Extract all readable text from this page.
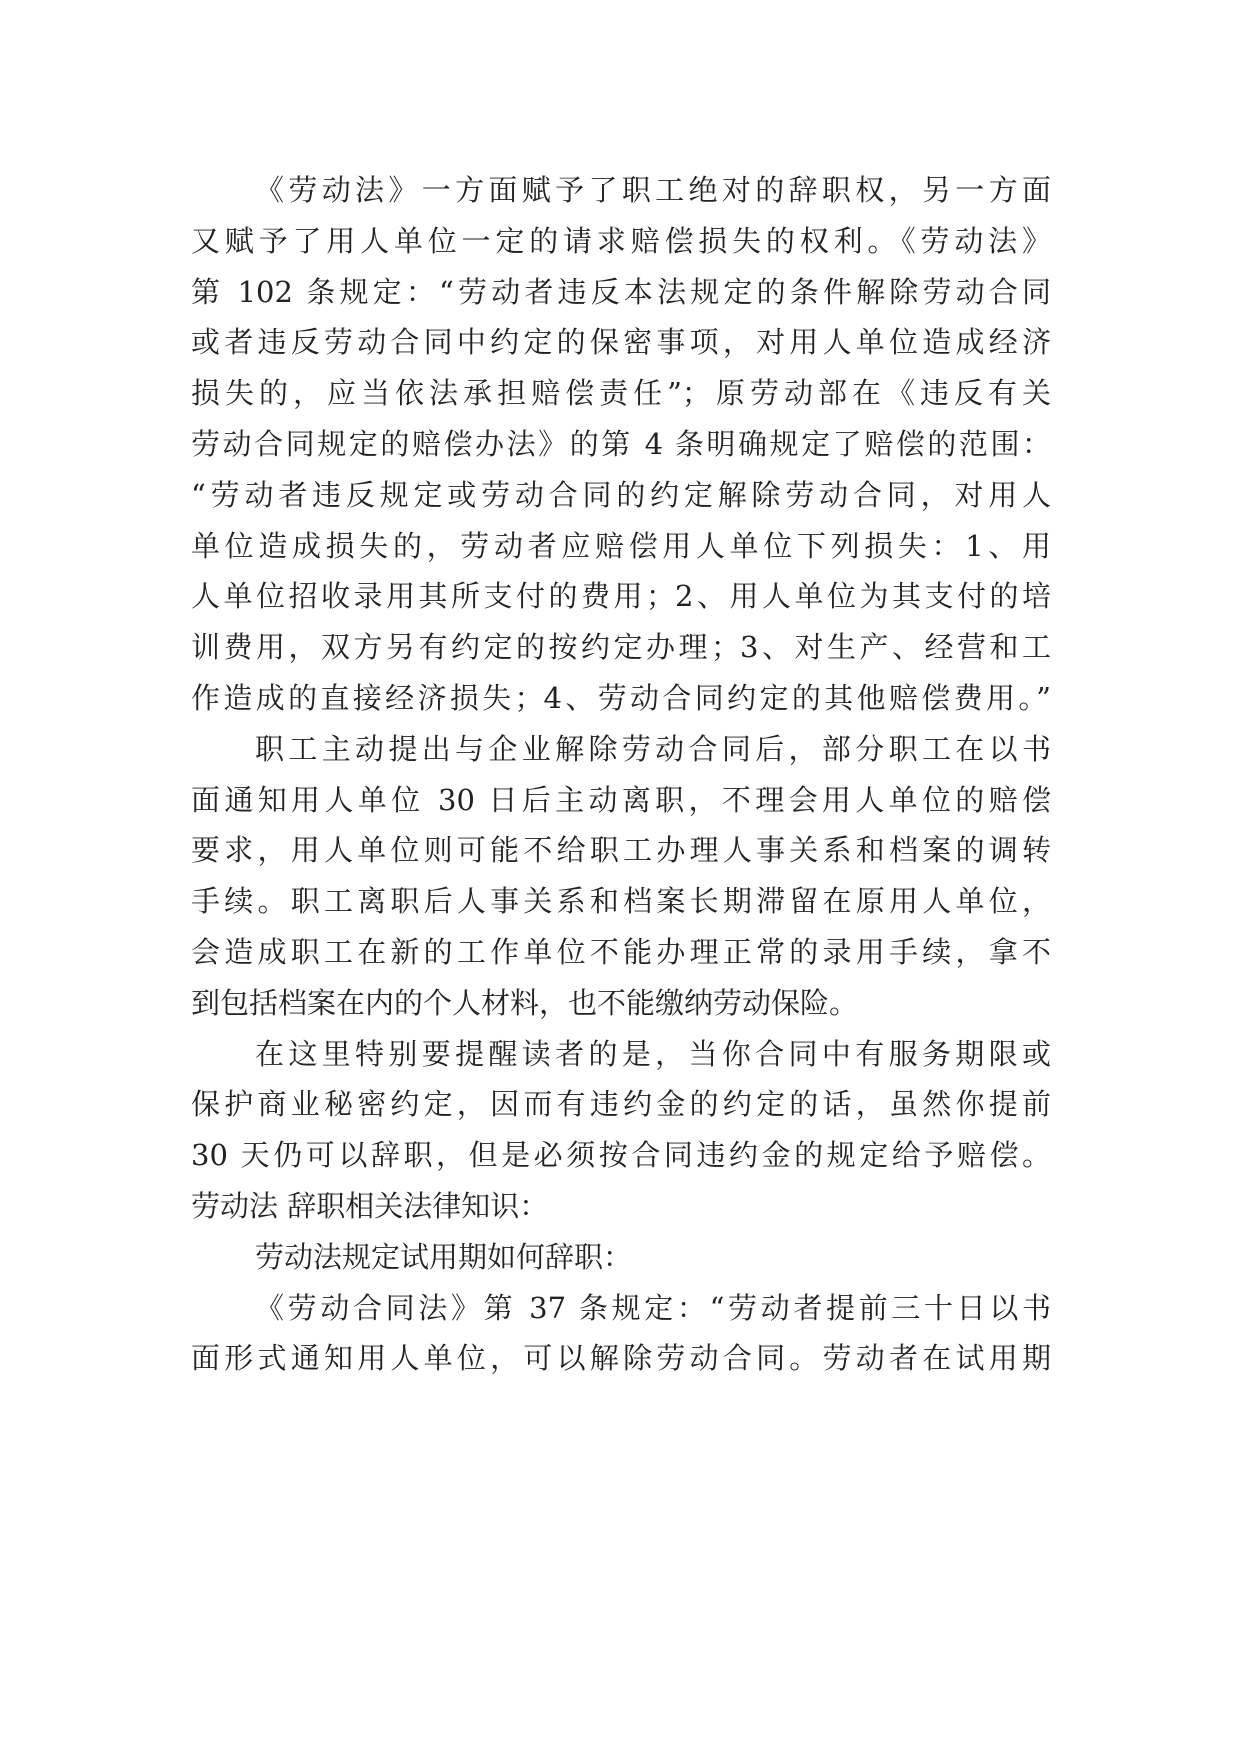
《劳动法》一方面赋予了职工绝对的辞职权，另一方面
又赋予了用人单位一定的请求赔偿损失的权利。《劳动法》
第 102 条规定：“劳动者违反本法规定的条件解除劳动合同
或者违反劳动合同中约定的保密事项，对用人单位造成经济
损失的，应当依法承担赔偿责任”；原劳动部在《违反有关
劳动合同规定的赔偿办法》的第 4 条明确规定了赔偿的范围：
“劳动者违反规定或劳动合同的约定解除劳动合同，对用人
单位造成损失的，劳动者应赔偿用人单位下列损失：1、用
人单位招收录用其所支付的费用；2、用人单位为其支付的培
训费用，双方另有约定的按约定办理；3、对生产、经营和工
作造成的直接经济损失；4、劳动合同约定的其他赔偿费用。”
职工主动提出与企业解除劳动合同后，部分职工在以书
面通知用人单位 30 日后主动离职，不理会用人单位的赔偿
要求，用人单位则可能不给职工办理人事关系和档案的调转
手续。职工离职后人事关系和档案长期滞留在原用人单位，
会造成职工在新的工作单位不能办理正常的录用手续，拿不
到包括档案在内的个人材料，也不能缴纳劳动保险。
在这里特别要提醒读者的是，当你合同中有服务期限或
保护商业秘密约定，因而有违约金的约定的话，虽然你提前
30 天仍可以辞职，但是必须按合同违约金的规定给予赔偿。
劳动法 辞职相关法律知识：
劳动法规定试用期如何辞职：
《劳动合同法》第 37 条规定：“劳动者提前三十日以书
面形式通知用人单位，可以解除劳动合同。劳动者在试用期
